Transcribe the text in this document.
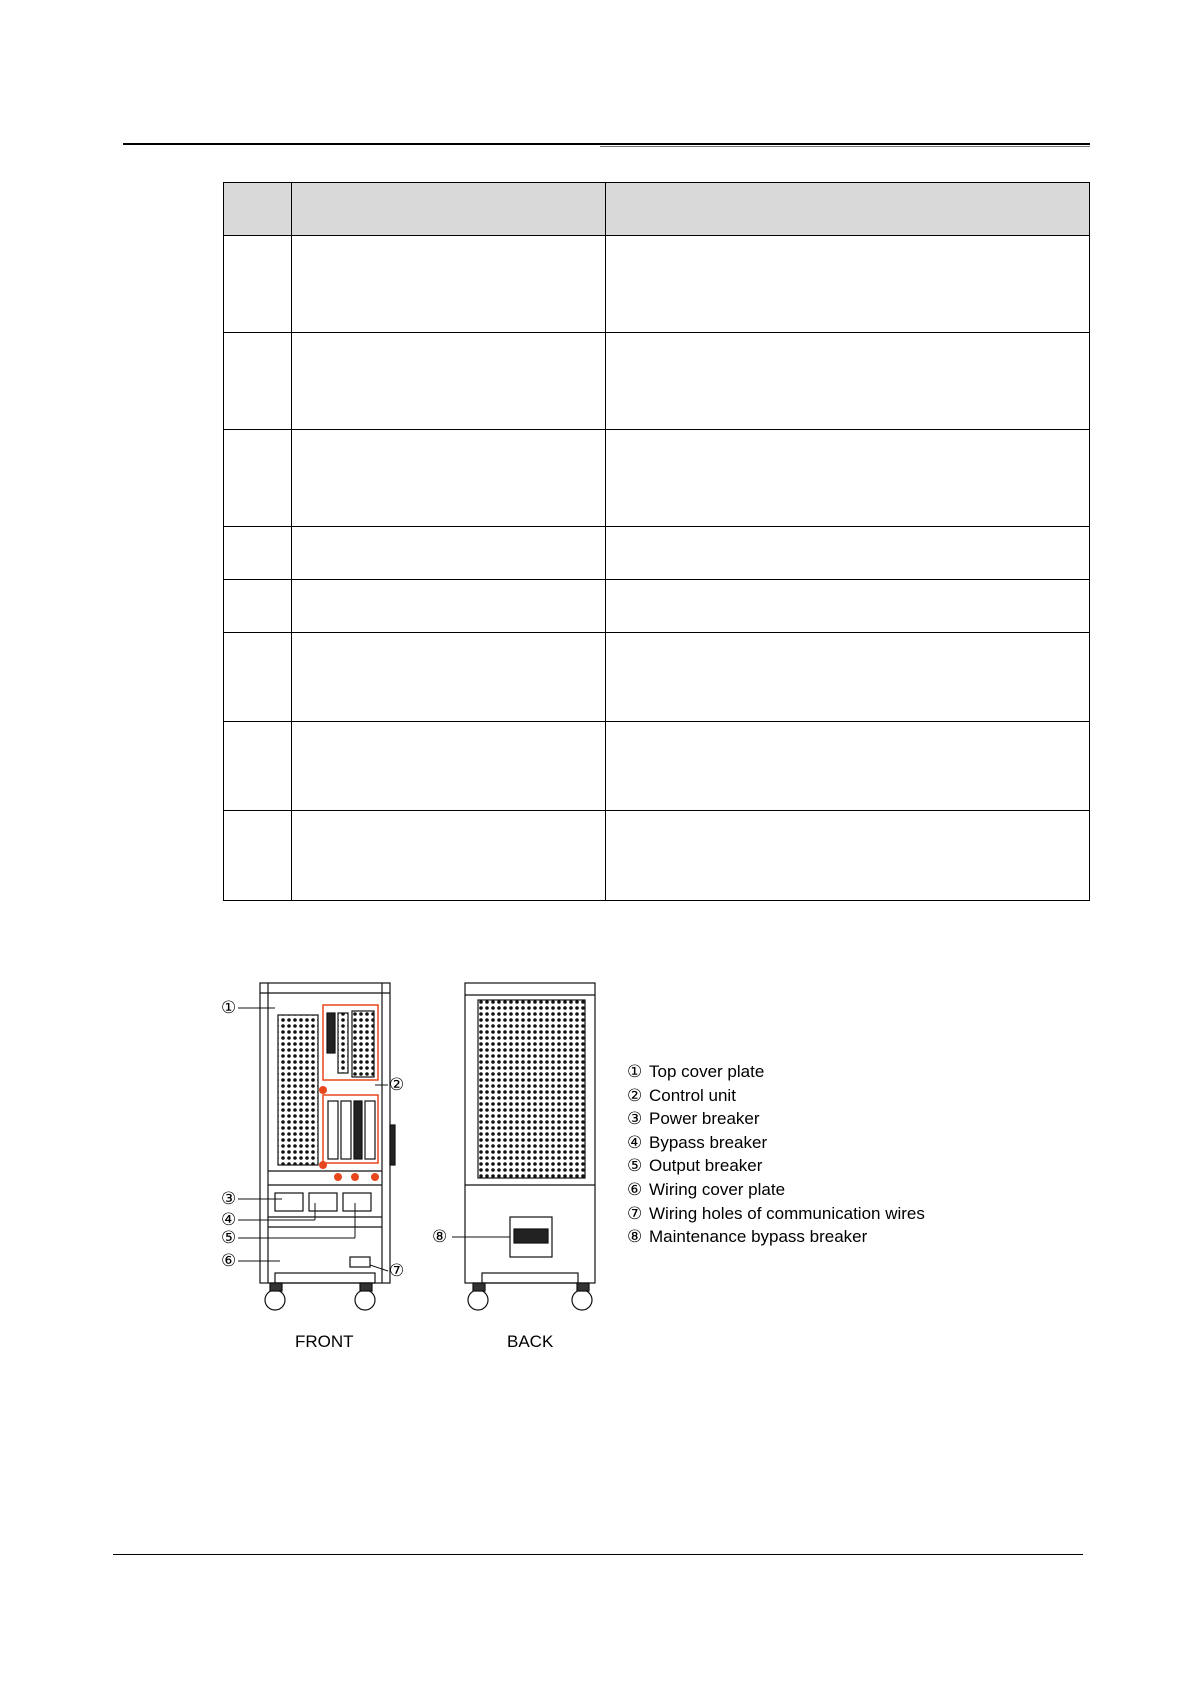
①
②
③
④
⑤
⑥
⑦
⑧
FRONT	BACK
① Top cover plate
② Control unit
③ Power breaker
④ Bypass breaker
⑤ Output breaker
⑥ Wiring cover plate
⑦ Wiring holes of communication wires
⑧ Maintenance bypass breaker
